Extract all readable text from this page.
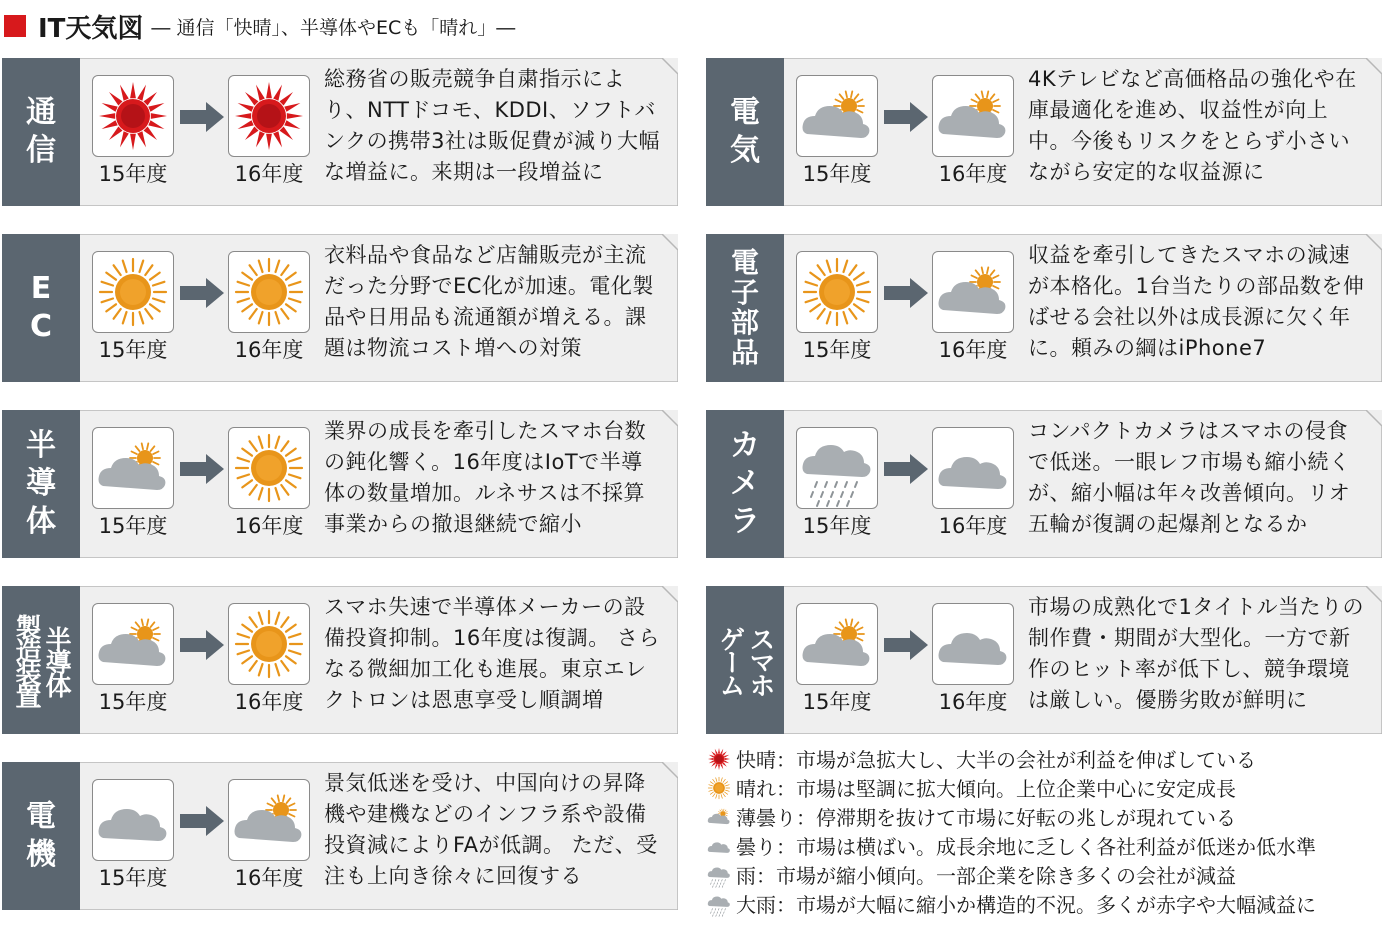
IT天気図 ― 通信「快晴」、半導体やECも「晴れ」―
通
信
15年度	16年度
総務省の販売競争自粛指示により、NTTドコモ、KDDI、ソフトバンクの携帯3社は販促費が減り大幅な増益に。来期は一段増益に
電
気
15年度	16年度
4Kテレビなど高価格品の強化や在庫最適化を進め、収益性が向上中。今後もリスクをとらず小さいながら安定的な収益源に
E
C
15年度	16年度
衣料品や食品など店舗販売が主流だった分野でEC化が加速。電化製品や日用品も流通額が増える。課題は物流コスト増への対策
電
子
部
品	15年度	16年度
収益を牽引してきたスマホの減速が本格化。1台当たりの部品数を伸ばせる会社以外は成長源に欠く年に。頼みの綱はiPhone7
半
導
体	15年度	16年度
業界の成長を牽引したスマホ台数の鈍化響く。16年度はIoTで半導体の数量増加。ルネサスは不採算事業からの撤退継続で縮小
カ
メ
ラ	15年度	16年度
コンパクトカメラはスマホの侵食で低迷。一眼レフ市場も縮小続くが、縮小幅は年々改善傾向。リオ五輪が復調の起爆剤となるか
半導体
製造装置	15年度	16年度
スマホ失速で半導体メーカーの設備投資抑制。16年度は復調。 さらなる微細加工化も進展。東京エレクトロンは恩恵享受し順調増
スマホ
ゲーム
15年度	16年度
市場の成熟化で1タイトル当たりの制作費・期間が大型化。一方で新作のヒット率が低下し、競争環境は厳しい。優勝劣敗が鮮明に
電
機
15年度	16年度
景気低迷を受け、中国向けの昇降機や建機などのインフラ系や設備投資減によりFAが低調。 ただ、受注も上向き徐々に回復する
快晴：市場が急拡大し、大半の会社が利益を伸ばしている
晴れ：市場は堅調に拡大傾向。上位企業中心に安定成長
薄曇り：停滞期を抜けて市場に好転の兆しが現れている
曇り：市場は横ばい。成長余地に乏しく各社利益が低迷か低水準
雨：市場が縮小傾向。一部企業を除き多くの会社が減益
大雨：市場が大幅に縮小か構造的不況。多くが赤字や大幅減益に
